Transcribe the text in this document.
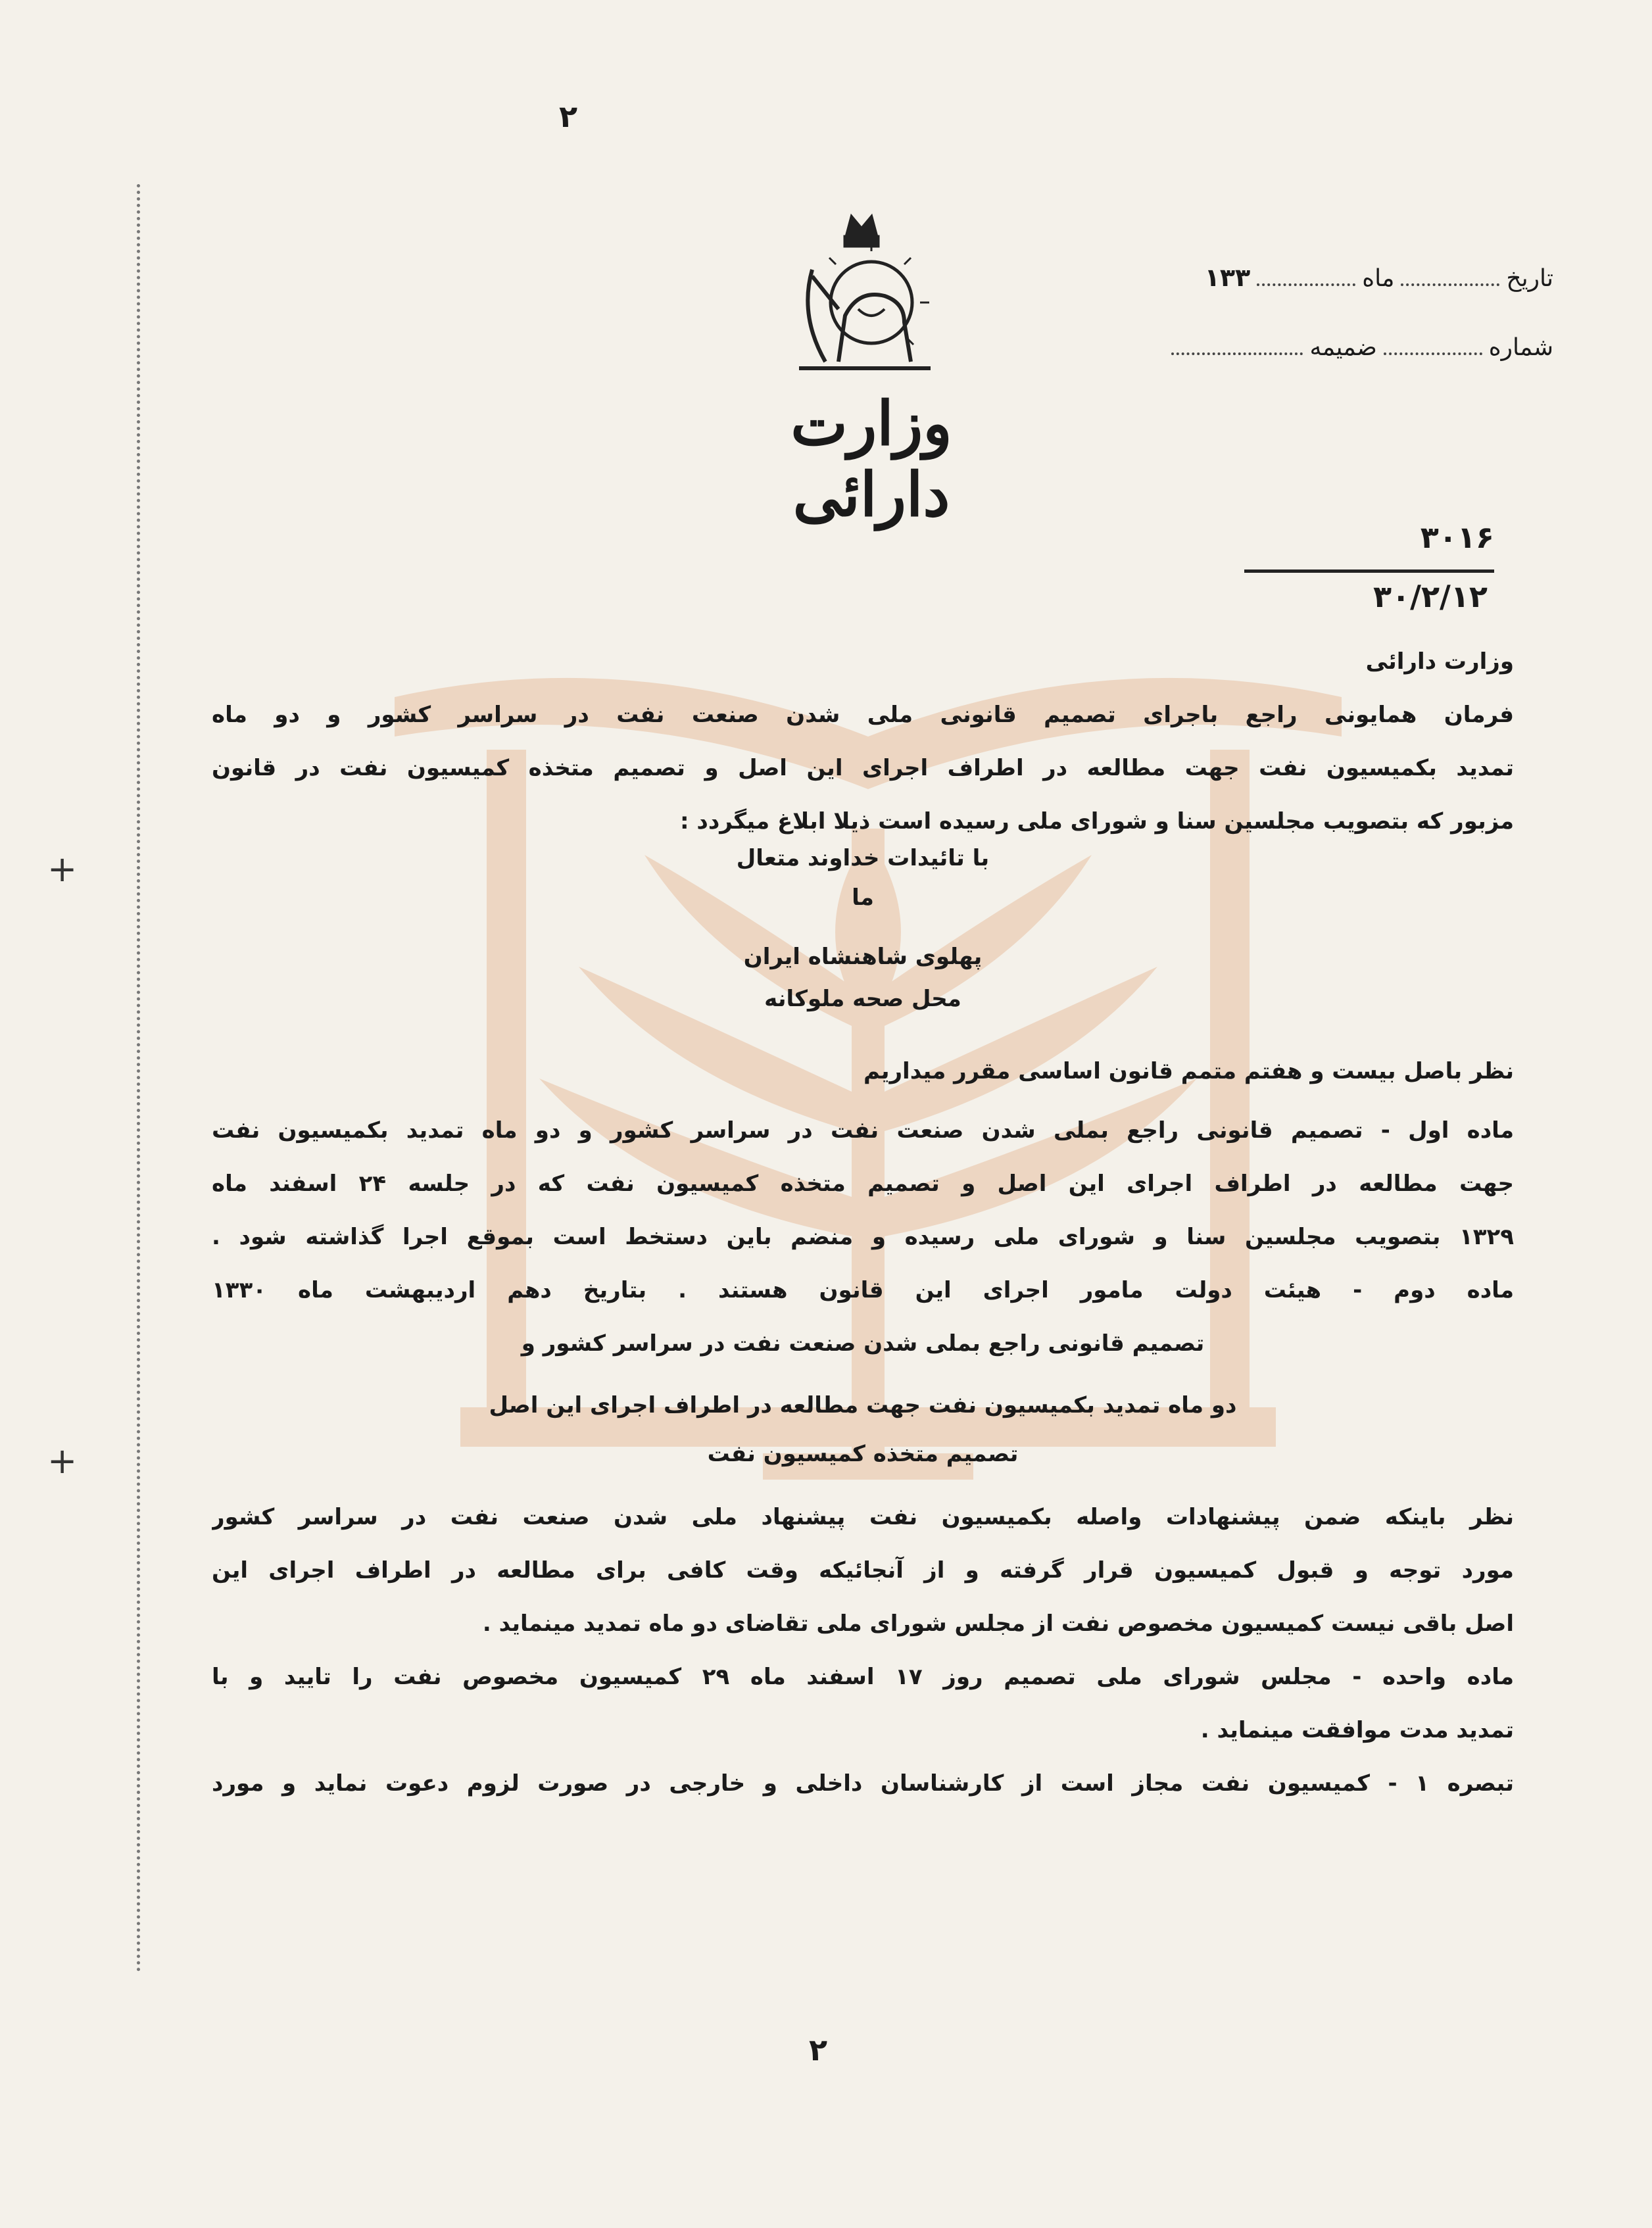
۲
+
+
وزارت دارائی
تاریخ
ماه
۱۳۳
شماره
ضمیمه
۳۰۱۶
۳۰/۲/۱۲
وزارت دارائی
فرمان همایونی راجع باجرای تصمیم قانونی ملی شدن صنعت نفت در سراسر کشور و دو ماه
تمدید بکمیسیون نفت جهت مطالعه در اطراف اجرای این اصل و تصمیم متخذه کمیسیون نفت در قانون
مزبور که بتصویب مجلسین سنا و شورای ملی رسیده است ذیلا ابلاغ میگردد :
با تائیدات خداوند متعال
ما
پهلوی شاهنشاه ایران
محل صحه ملوکانه
نظر باصل بیست و هفتم متمم قانون اساسی مقرر میداریم
ماده اول - تصمیم قانونی راجع بملی شدن صنعت نفت در سراسر کشور و دو ماه تمدید بکمیسیون نفت
جهت مطالعه در اطراف اجرای این اصل و تصمیم متخذه کمیسیون نفت که در جلسه ۲۴ اسفند ماه
۱۳۲۹ بتصویب مجلسین سنا و شورای ملی رسیده و منضم باین دستخط است بموقع اجرا گذاشته شود .
ماده دوم - هیئت دولت مامور اجرای این قانون هستند . بتاریخ دهم اردیبهشت ماه ۱۳۳۰
تصمیم قانونی راجع بملی شدن صنعت نفت در سراسر کشور و
دو ماه تمدید بکمیسیون نفت جهت مطالعه در اطراف اجرای این اصل
تصمیم متخذه کمیسیون نفت
نظر باینکه ضمن پیشنهادات واصله بکمیسیون نفت پیشنهاد ملی شدن صنعت نفت در سراسر کشور
مورد توجه و قبول کمیسیون قرار گرفته و از آنجائیکه وقت کافی برای مطالعه در اطراف اجرای این
اصل باقی نیست کمیسیون مخصوص نفت از مجلس شورای ملی تقاضای دو ماه تمدید مینماید .
ماده واحده - مجلس شورای ملی تصمیم روز ۱۷ اسفند ماه ۲۹ کمیسیون مخصوص نفت را تایید و با
تمدید مدت موافقت مینماید .
تبصره ۱ - کمیسیون نفت مجاز است از کارشناسان داخلی و خارجی در صورت لزوم دعوت نماید و مورد
۲
